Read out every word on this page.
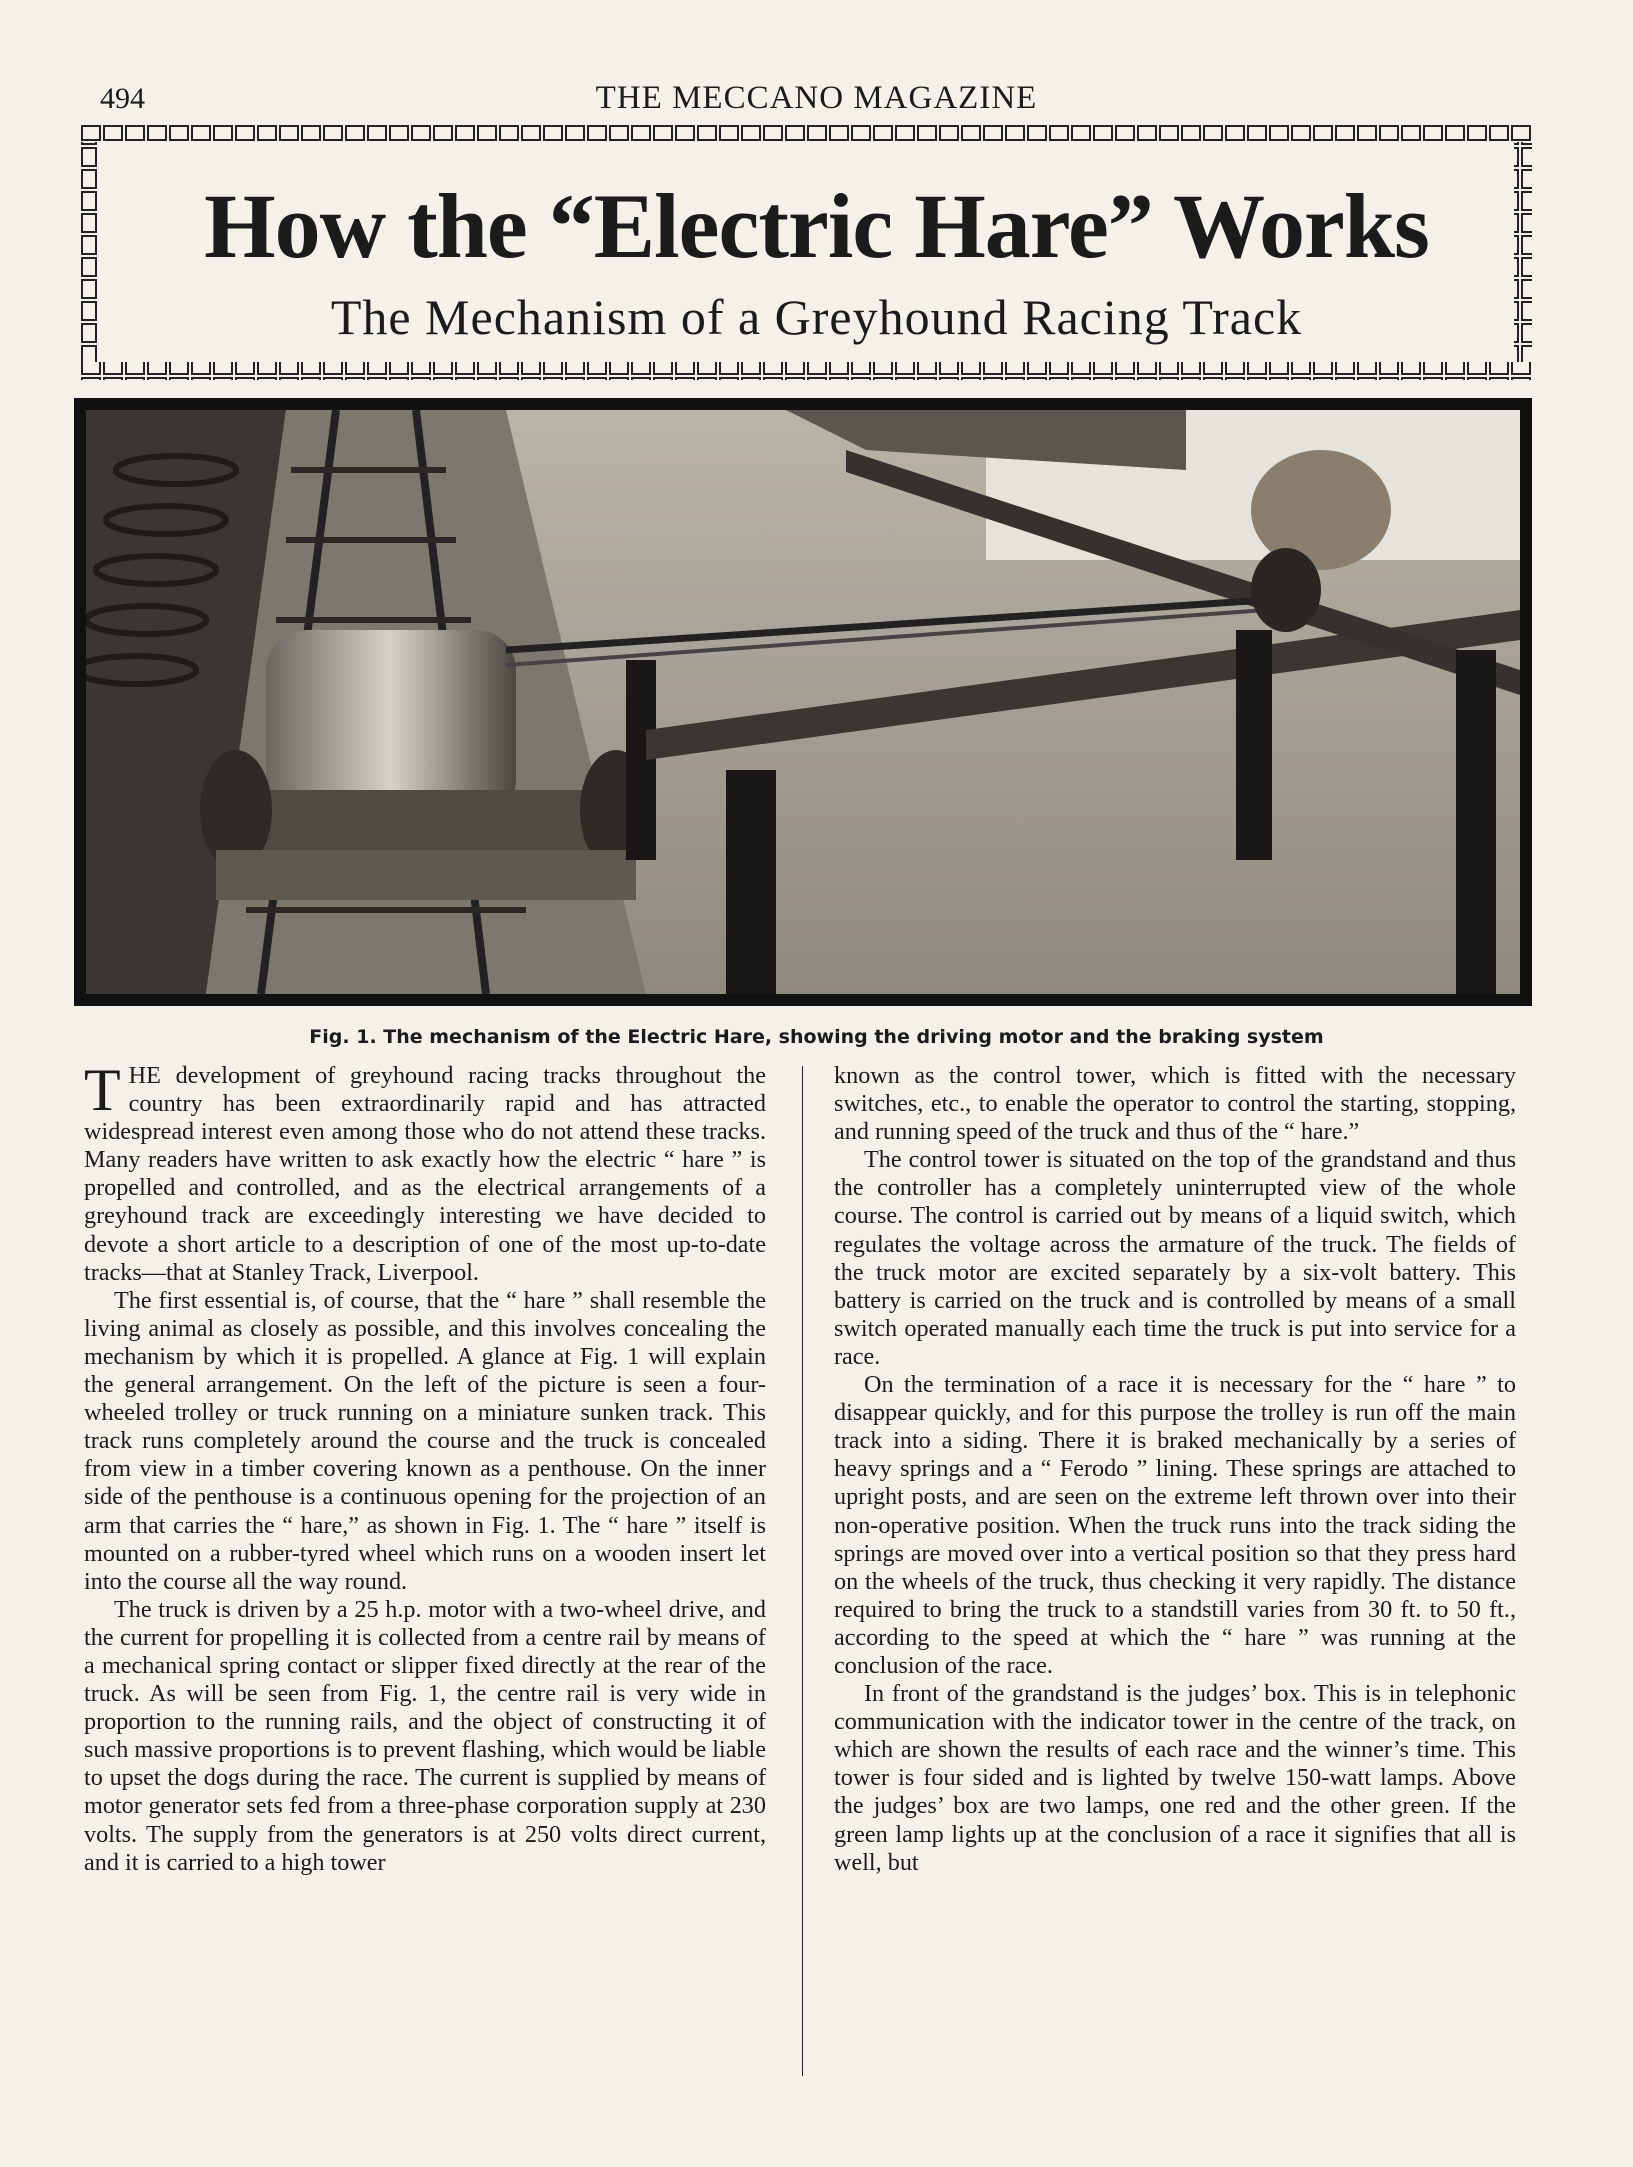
494	THE MECCANO MAGAZINE
How the “Electric Hare” Works
The Mechanism of a Greyhound Racing Track
Fig. 1. The mechanism of the Electric Hare, showing the driving motor and the braking system

THE development of greyhound racing tracks throughout the country has been extraordinarily rapid and has attracted widespread interest even among those who do not attend these tracks. Many readers have written to ask exactly how the electric “ hare ” is propelled and controlled, and as the electrical arrangements of a greyhound track are exceedingly interesting we have decided to devote a short article to a description of one of the most up-to-date tracks—that at Stanley Track, Liverpool.

The first essential is, of course, that the “ hare ” shall resemble the living animal as closely as possible, and this involves concealing the mechanism by which it is propelled. A glance at Fig. 1 will explain the general arrangement. On the left of the picture is seen a four-wheeled trolley or truck running on a miniature sunken track. This track runs completely around the course and the truck is concealed from view in a timber covering known as a penthouse. On the inner side of the penthouse is a continuous opening for the projection of an arm that carries the “ hare,” as shown in Fig. 1. The “ hare ” itself is mounted on a rubber-tyred wheel which runs on a wooden insert let into the course all the way round.

The truck is driven by a 25 h.p. motor with a two-wheel drive, and the current for propelling it is collected from a centre rail by means of a mechanical spring contact or slipper fixed directly at the rear of the truck. As will be seen from Fig. 1, the centre rail is very wide in proportion to the running rails, and the object of constructing it of such massive proportions is to prevent flashing, which would be liable to upset the dogs during the race. The current is supplied by means of motor generator sets fed from a three-phase corporation supply at 230 volts. The supply from the generators is at 250 volts direct current, and it is carried to a high tower

known as the control tower, which is fitted with the necessary switches, etc., to enable the operator to control the starting, stopping, and running speed of the truck and thus of the “ hare.”

The control tower is situated on the top of the grandstand and thus the controller has a completely uninterrupted view of the whole course. The control is carried out by means of a liquid switch, which regulates the voltage across the armature of the truck. The fields of the truck motor are excited separately by a six-volt battery. This battery is carried on the truck and is controlled by means of a small switch operated manually each time the truck is put into service for a race.

On the termination of a race it is necessary for the “ hare ” to disappear quickly, and for this purpose the trolley is run off the main track into a siding. There it is braked mechanically by a series of heavy springs and a “ Ferodo ” lining. These springs are attached to upright posts, and are seen on the extreme left thrown over into their non-operative position. When the truck runs into the track siding the springs are moved over into a vertical position so that they press hard on the wheels of the truck, thus checking it very rapidly. The distance required to bring the truck to a standstill varies from 30 ft. to 50 ft., according to the speed at which the “ hare ” was running at the conclusion of the race.

In front of the grandstand is the judges’ box. This is in telephonic communication with the indicator tower in the centre of the track, on which are shown the results of each race and the winner’s time. This tower is four sided and is lighted by twelve 150-watt lamps. Above the judges’ box are two lamps, one red and the other green. If the green lamp lights up at the conclusion of a race it signifies that all is well, but
